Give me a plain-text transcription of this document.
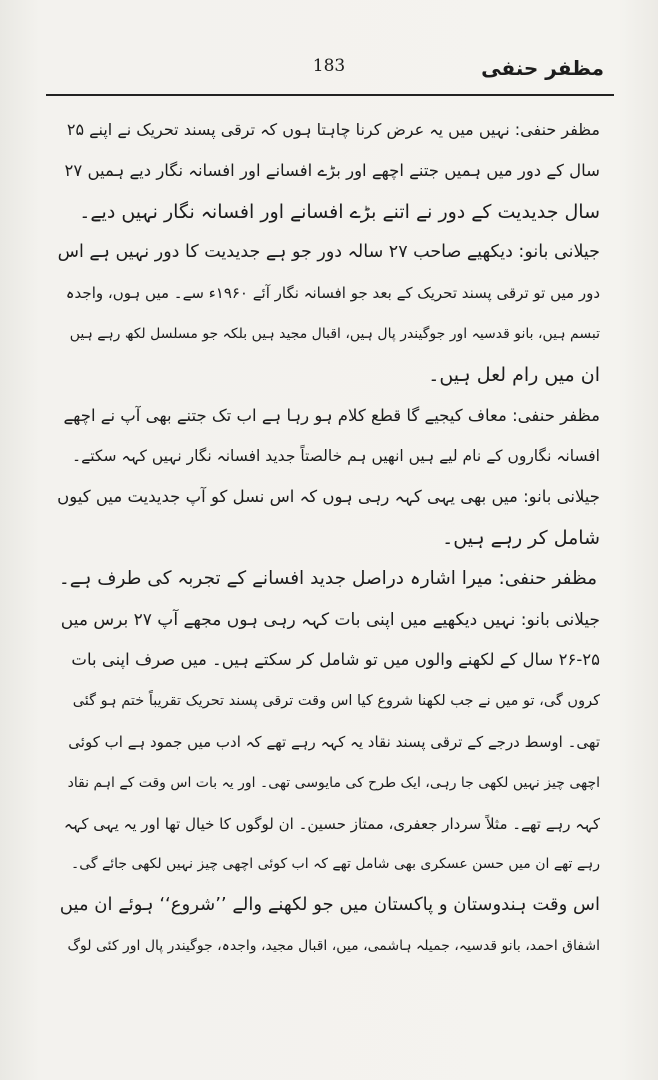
183	مظفر حنفی
مظفر حنفی: نہیں میں یہ عرض کرنا چاہتا ہوں کہ ترقی پسند تحریک نے اپنے ۲۵
سال کے دور میں ہمیں جتنے اچھے اور بڑے افسانے اور افسانہ نگار دیے ہمیں ۲۷
سال جدیدیت کے دور نے اتنے بڑے افسانے اور افسانہ نگار نہیں دیے۔
جیلانی بانو: دیکھیے صاحب ۲۷ سالہ دور جو ہے جدیدیت کا دور نہیں ہے اس
دور میں تو ترقی پسند تحریک کے بعد جو افسانہ نگار آئے ۱۹۶۰ء سے۔ میں ہوں، واجدہ
تبسم ہیں، بانو قدسیہ اور جوگیندر پال ہیں، اقبال مجید ہیں بلکہ جو مسلسل لکھ رہے ہیں
ان میں رام لعل ہیں۔
مظفر حنفی: معاف کیجیے گا قطع کلام ہو رہا ہے اب تک جتنے بھی آپ نے اچھے
افسانہ نگاروں کے نام لیے ہیں انھیں ہم خالصتاً جدید افسانہ نگار نہیں کہہ سکتے۔
جیلانی بانو: میں بھی یہی کہہ رہی ہوں کہ اس نسل کو آپ جدیدیت میں کیوں
شامل کر رہے ہیں۔
مظفر حنفی: میرا اشارہ دراصل جدید افسانے کے تجربہ کی طرف ہے۔
جیلانی بانو: نہیں دیکھیے میں اپنی بات کہہ رہی ہوں مجھے آپ ۲۷ برس میں
۲۶-۲۵ سال کے لکھنے والوں میں تو شامل کر سکتے ہیں۔ میں صرف اپنی بات
کروں گی، تو میں نے جب لکھنا شروع کیا اس وقت ترقی پسند تحریک تقریباً ختم ہو گئی
تھی۔ اوسط درجے کے ترقی پسند نقاد یہ کہہ رہے تھے کہ ادب میں جمود ہے اب کوئی
اچھی چیز نہیں لکھی جا رہی، ایک طرح کی مایوسی تھی۔ اور یہ بات اس وقت کے اہم نقاد
کہہ رہے تھے۔ مثلاً سردار جعفری، ممتاز حسین۔ ان لوگوں کا خیال تھا اور یہ یہی کہہ
رہے تھے ان میں حسن عسکری بھی شامل تھے کہ اب کوئی اچھی چیز نہیں لکھی جائے گی۔
اس وقت ہندوستان و پاکستان میں جو لکھنے والے ’’شروع‘‘ ہوئے ان میں
اشفاق احمد، بانو قدسیہ، جمیلہ ہاشمی، میں، اقبال مجید، واجدہ، جوگیندر پال اور کئی لوگ
